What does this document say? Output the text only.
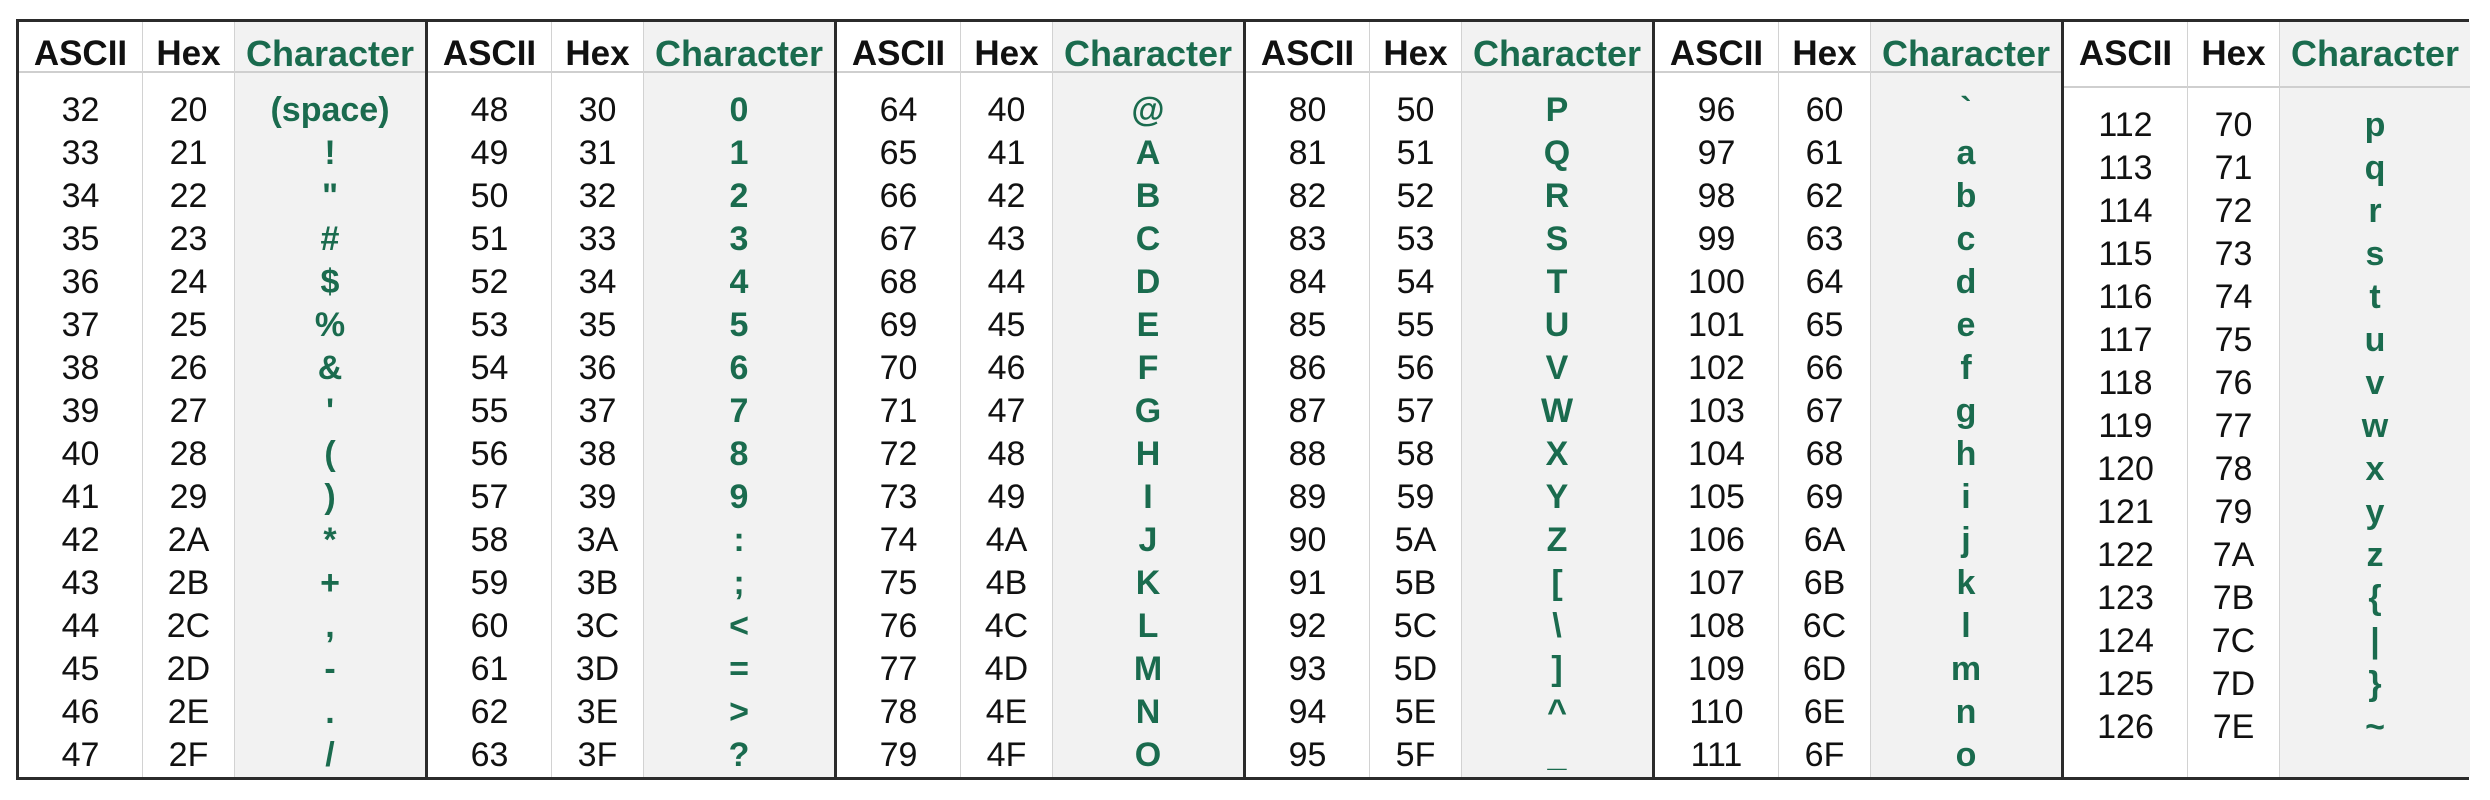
ASCII
32
33
34
35
36
37
38
39
40
41
42
43
44
45
46
47
Hex
20
21
22
23
24
25
26
27
28
29
2A
2B
2C
2D
2E
2F
Character
(space)
!
"
#
$
%
&
'
(
)
*
+
,
-
.
/
ASCII
48
49
50
51
52
53
54
55
56
57
58
59
60
61
62
63
Hex
30
31
32
33
34
35
36
37
38
39
3A
3B
3C
3D
3E
3F
Character
0
1
2
3
4
5
6
7
8
9
:
;
<
=
>
?
ASCII
64
65
66
67
68
69
70
71
72
73
74
75
76
77
78
79
Hex
40
41
42
43
44
45
46
47
48
49
4A
4B
4C
4D
4E
4F
Character
@
A
B
C
D
E
F
G
H
I
J
K
L
M
N
O
ASCII
80
81
82
83
84
85
86
87
88
89
90
91
92
93
94
95
Hex
50
51
52
53
54
55
56
57
58
59
5A
5B
5C
5D
5E
5F
Character
P
Q
R
S
T
U
V
W
X
Y
Z
[
\
]
^
_
ASCII
96
97
98
99
100
101
102
103
104
105
106
107
108
109
110
111
Hex
60
61
62
63
64
65
66
67
68
69
6A
6B
6C
6D
6E
6F
Character
`
a
b
c
d
e
f
g
h
i
j
k
l
m
n
o
ASCII
112
113
114
115
116
117
118
119
120
121
122
123
124
125
126
Hex
70
71
72
73
74
75
76
77
78
79
7A
7B
7C
7D
7E
Character
p
q
r
s
t
u
v
w
x
y
z
{
|
}
~
